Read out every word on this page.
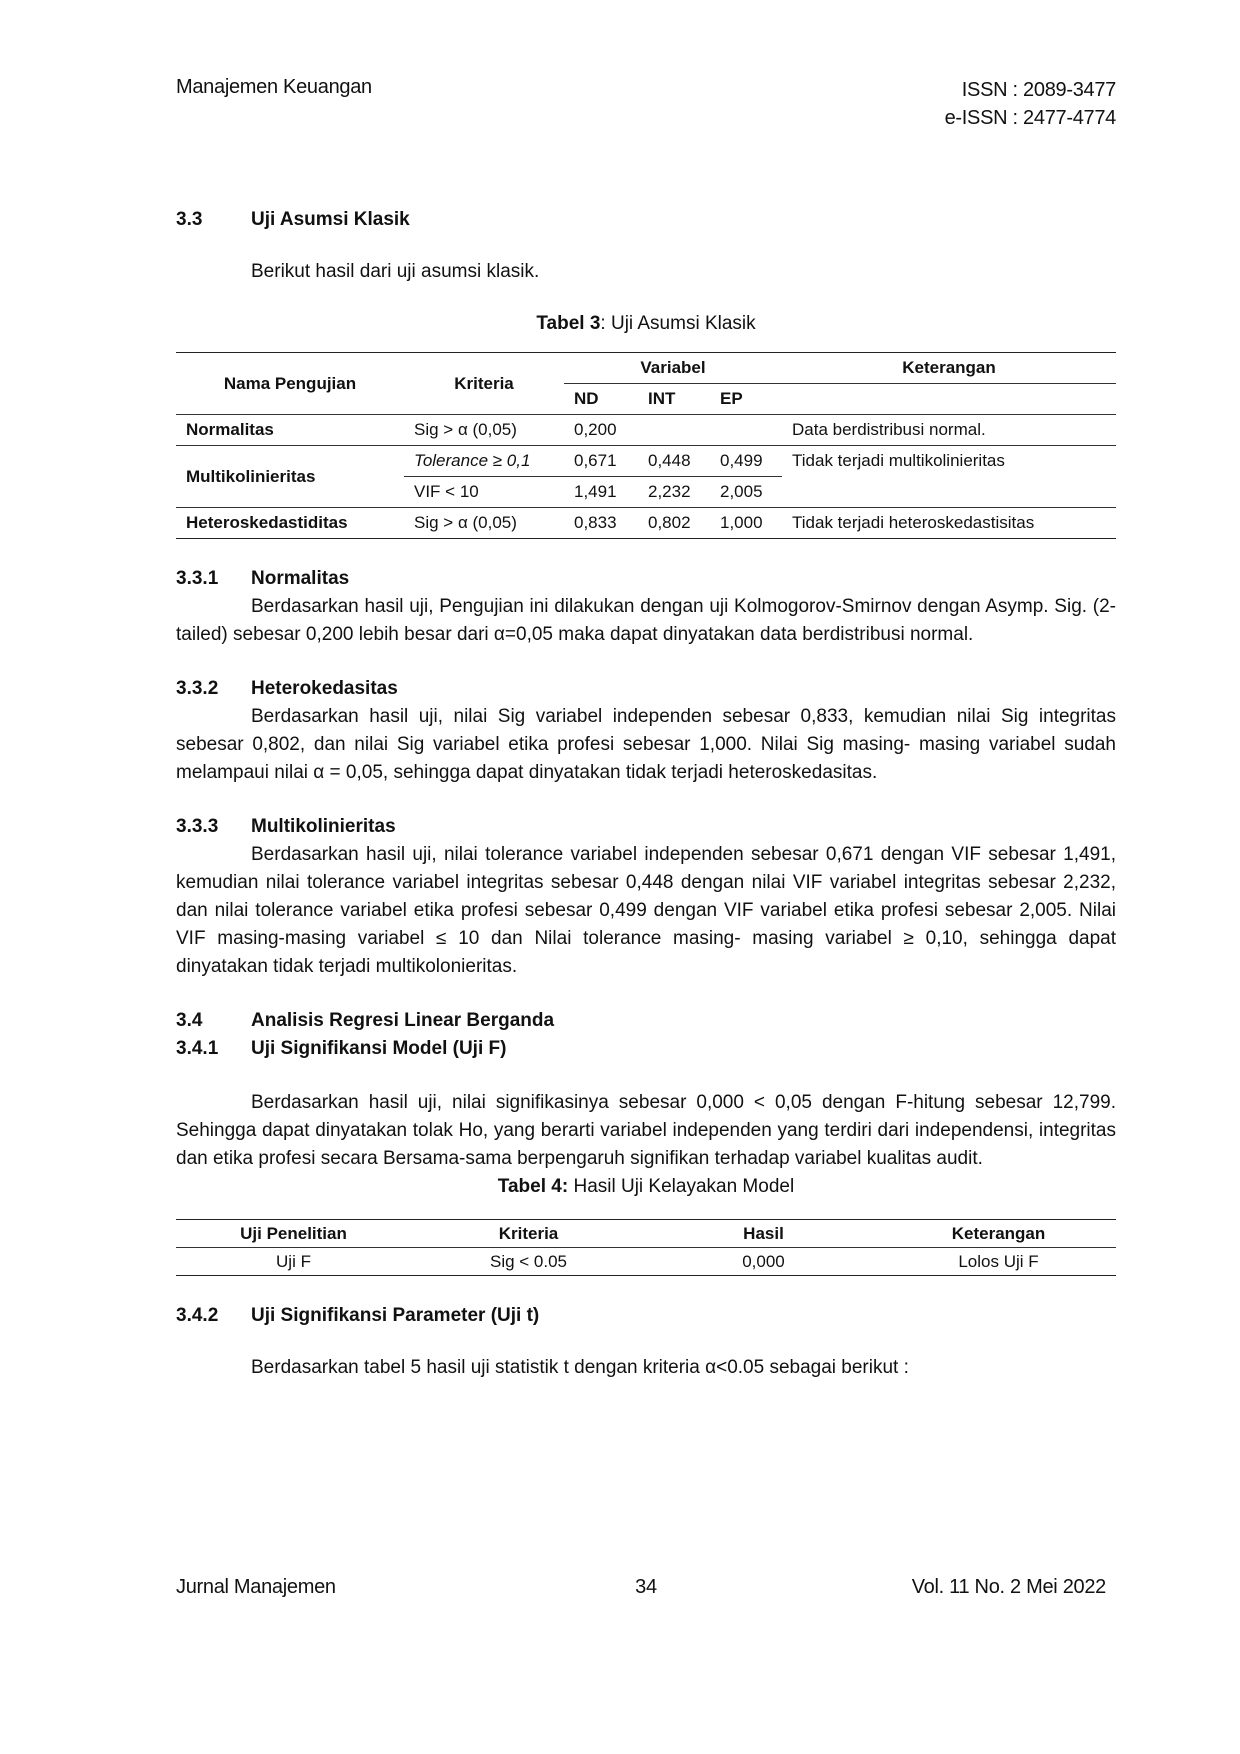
Manajemen Keuangan	ISSN : 2089-3477
e-ISSN : 2477-4774
3.3	Uji Asumsi Klasik

Berikut hasil dari uji asumsi klasik.

Tabel 3: Uji Asumsi Klasik

Nama Pengujian	Kriteria	Variabel			Keterangan
		ND	INT	EP	
Normalitas	Sig > α (0,05)	0,200			Data berdistribusi normal.
Multikolinieritas	Tolerance ≥ 0,1	0,671	0,448	0,499	Tidak terjadi multikolinieritas
	VIF < 10	1,491	2,232	2,005	
Heteroskedastiditas	Sig > α (0,05)	0,833	0,802	1,000	Tidak terjadi heteroskedastisitas
3.3.1	Normalitas

Berdasarkan hasil uji, Pengujian ini dilakukan dengan uji Kolmogorov-Smirnov dengan Asymp. Sig. (2- tailed) sebesar 0,200 lebih besar dari α=0,05 maka dapat dinyatakan data berdistribusi normal.

3.3.2	Heterokedasitas

Berdasarkan hasil uji, nilai Sig variabel independen sebesar 0,833, kemudian nilai Sig integritas sebesar 0,802, dan nilai Sig variabel etika profesi sebesar 1,000. Nilai Sig masing- masing variabel sudah melampaui nilai α = 0,05, sehingga dapat dinyatakan tidak terjadi heteroskedasitas.

3.3.3	Multikolinieritas

Berdasarkan hasil uji, nilai tolerance variabel independen sebesar 0,671 dengan VIF sebesar 1,491, kemudian nilai tolerance variabel integritas sebesar 0,448 dengan nilai VIF variabel integritas sebesar 2,232, dan nilai tolerance variabel etika profesi sebesar 0,499 dengan VIF variabel etika profesi sebesar 2,005. Nilai VIF masing-masing variabel ≤ 10 dan Nilai tolerance masing- masing variabel ≥ 0,10, sehingga dapat dinyatakan tidak terjadi multikolonieritas.

3.4	Analisis Regresi Linear Berganda
3.4.1	Uji Signifikansi Model (Uji F)

Berdasarkan hasil uji, nilai signifikasinya sebesar 0,000 < 0,05 dengan F-hitung sebesar 12,799. Sehingga dapat dinyatakan tolak Ho, yang berarti variabel independen yang terdiri dari independensi, integritas dan etika profesi secara Bersama-sama berpengaruh signifikan terhadap variabel kualitas audit.

Tabel 4: Hasil Uji Kelayakan Model

Uji Penelitian	Kriteria	Hasil	Keterangan
Uji F	Sig < 0.05	0,000	Lolos Uji F
3.4.2	Uji Signifikansi Parameter (Uji t)

Berdasarkan tabel 5 hasil uji statistik t dengan kriteria α<0.05 sebagai berikut :

Jurnal Manajemen	34	Vol. 11 No. 2 Mei 2022
